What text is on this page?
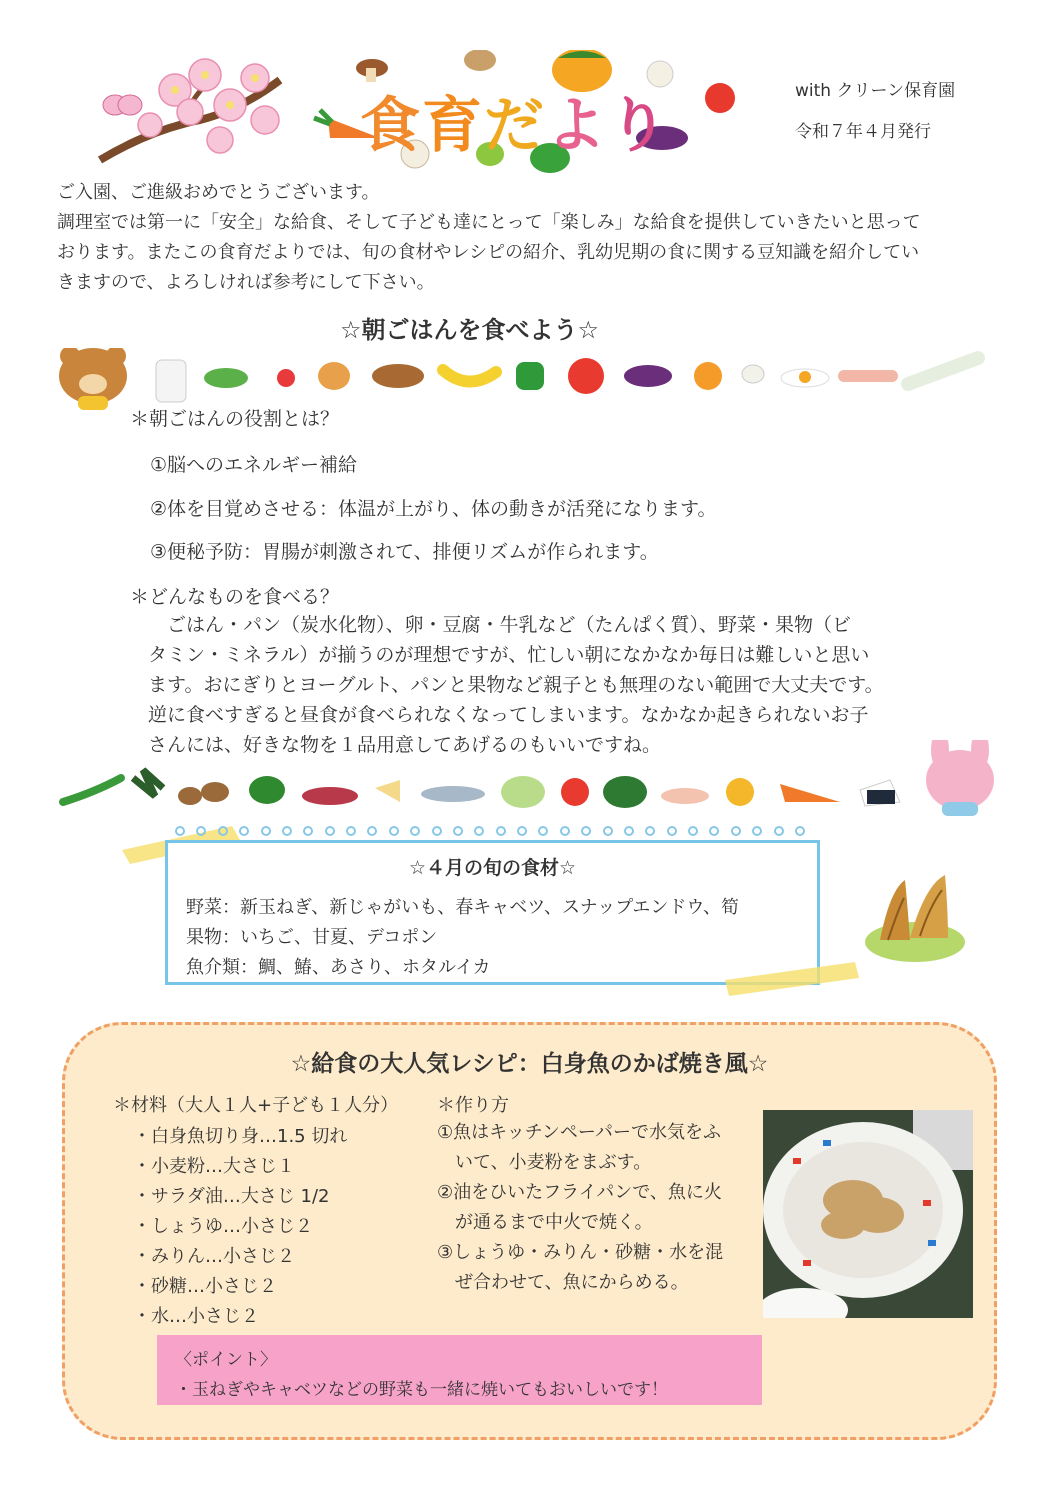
食育だより	with クリーン保育園
令和７年４月発行

ご入園、ご進級おめでとうございます。

調理室では第一に「安全」な給食、そして子ども達にとって「楽しみ」な給食を提供していきたいと思って

おります。またこの食育だよりでは、旬の食材やレシピの紹介、乳幼児期の食に関する豆知識を紹介してい

きますので、よろしければ参考にして下さい。

☆朝ごはんを食べよう☆
＊朝ごはんの役割とは？
①脳へのエネルギー補給
②体を目覚めさせる：体温が上がり、体の動きが活発になります。
③便秘予防：胃腸が刺激されて、排便リズムが作られます。
＊どんなものを食べる？
　ごはん・パン（炭水化物）、卵・豆腐・牛乳など（たんぱく質）、野菜・果物（ビ
タミン・ミネラル）が揃うのが理想ですが、忙しい朝になかなか毎日は難しいと思い
ます。おにぎりとヨーグルト、パンと果物など親子とも無理のない範囲で大丈夫です。
逆に食べすぎると昼食が食べられなくなってしまいます。なかなか起きられないお子
さんには、好きな物を１品用意してあげるのもいいですね。
☆４月の旬の食材☆
野菜：新玉ねぎ、新じゃがいも、春キャベツ、スナップエンドウ、筍
果物：いちご、甘夏、デコポン
魚介類：鯛、鰆、あさり、ホタルイカ
☆給食の大人気レシピ：白身魚のかば焼き風☆
＊材料（大人１人+子ども１人分）
・白身魚切り身…1.5 切れ
・小麦粉…大さじ１
・サラダ油…大さじ 1/2
・しょうゆ…小さじ２
・みりん…小さじ２
・砂糖…小さじ２
・水…小さじ２
＊作り方
①魚はキッチンペーパーで水気をふ
　いて、小麦粉をまぶす。
②油をひいたフライパンで、魚に火
　が通るまで中火で焼く。
③しょうゆ・みりん・砂糖・水を混
　ぜ合わせて、魚にからめる。
〈ポイント〉
・玉ねぎやキャベツなどの野菜も一緒に焼いてもおいしいです！
